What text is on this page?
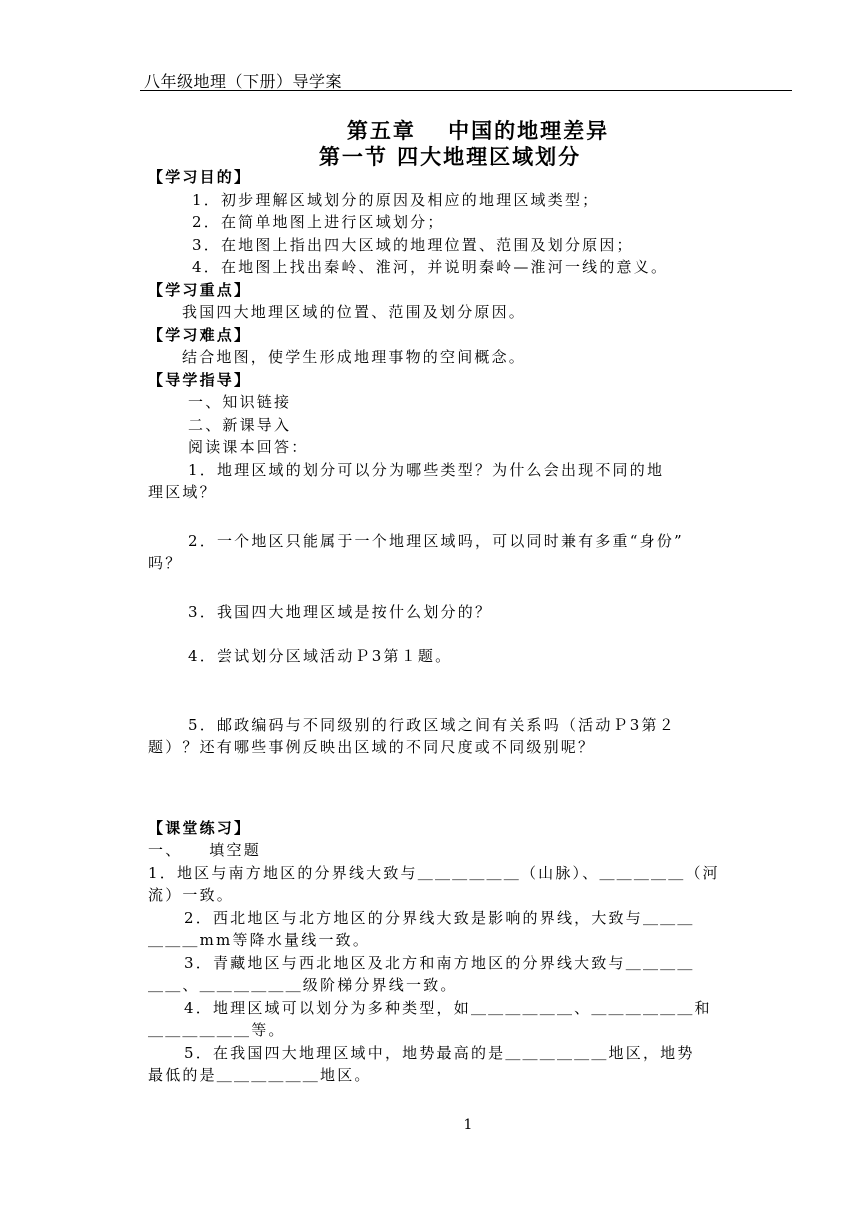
八年级地理（下册）导学案
第五章　 中国的地理差异
第一节 四大地理区域划分

【学习目的】

1．初步理解区域划分的原因及相应的地理区域类型；

2．在简单地图上进行区域划分；

3．在地图上指出四大区域的地理位置、范围及划分原因；

4．在地图上找出秦岭、淮河，并说明秦岭—淮河一线的意义。

【学习重点】

我国四大地理区域的位置、范围及划分原因。

【学习难点】

结合地图，使学生形成地理事物的空间概念。

【导学指导】

一、知识链接

二、新课导入

阅读课本回答：

1．地理区域的划分可以分为哪些类型？为什么会出现不同的地

理区域？

2．一个地区只能属于一个地理区域吗，可以同时兼有多重“身份”

吗？

3．我国四大地理区域是按什么划分的？

4．尝试划分区域活动Ｐ3第１题。

5．邮政编码与不同级别的行政区域之间有关系吗（活动Ｐ3第２

题）？还有哪些事例反映出区域的不同尺度或不同级别呢？

【课堂练习】

一、　　填空题

1．地区与南方地区的分界线大致与＿＿＿＿＿＿（山脉）、＿＿＿＿＿（河

流）一致。

2．西北地区与北方地区的分界线大致是影响的界线，大致与＿＿＿

＿＿＿mm等降水量线一致。

3．青藏地区与西北地区及北方和南方地区的分界线大致与＿＿＿＿

＿＿、＿＿＿＿＿＿级阶梯分界线一致。

4．地理区域可以划分为多种类型，如＿＿＿＿＿＿、＿＿＿＿＿＿和

＿＿＿＿＿＿等。

5．在我国四大地理区域中，地势最高的是＿＿＿＿＿＿地区，地势

最低的是＿＿＿＿＿＿地区。

1
